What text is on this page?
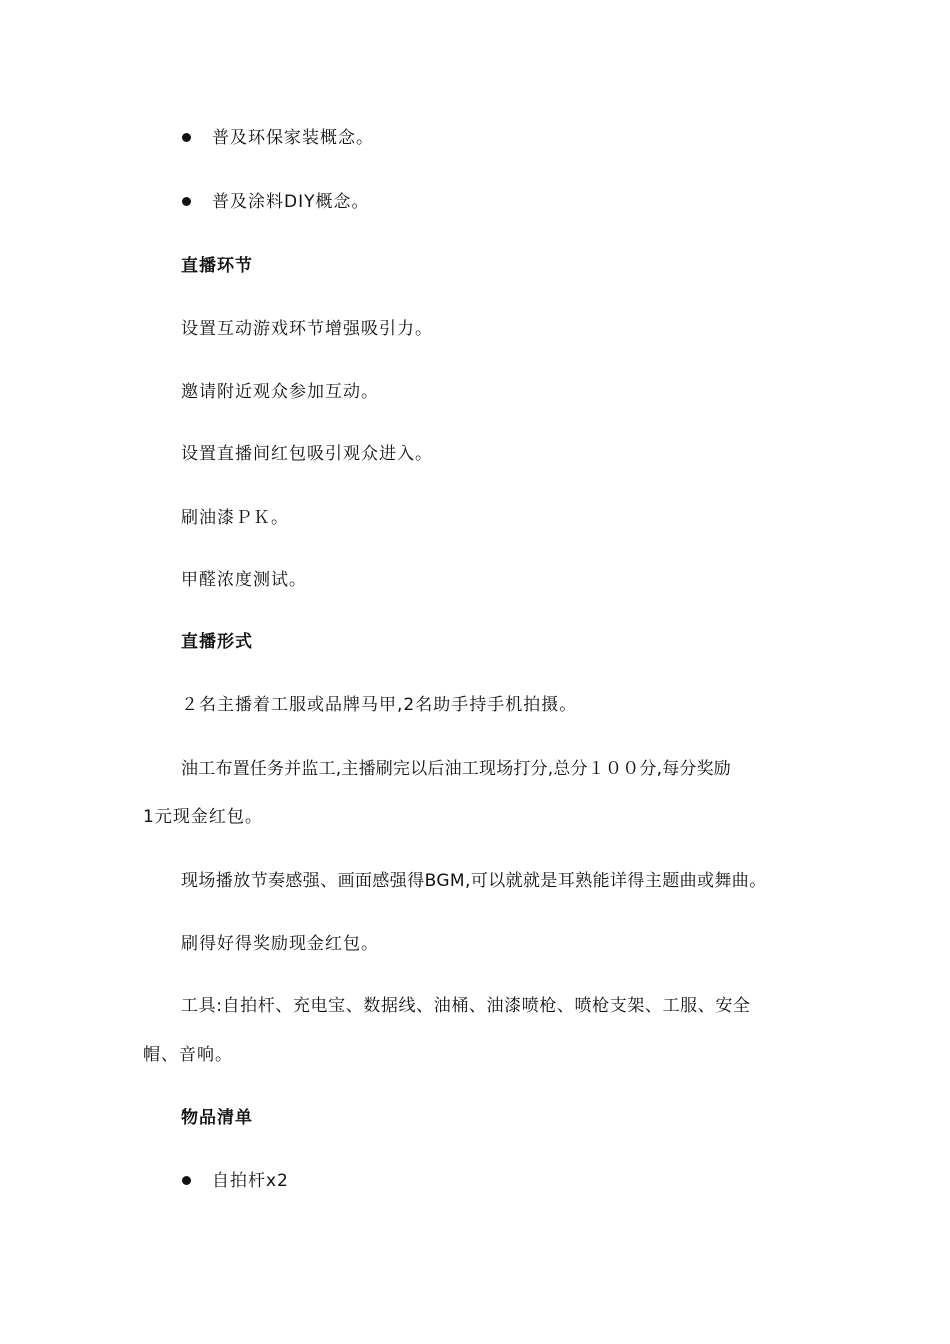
普及环保家装概念。
普及涂料DIY概念。
直播环节
设置互动游戏环节增强吸引力。
邀请附近观众参加互动。
设置直播间红包吸引观众进入。
刷油漆ＰＫ。
甲醛浓度测试。
直播形式
２名主播着工服或品牌马甲,2名助手持手机拍摄。
油工布置任务并监工,主播刷完以后油工现场打分,总分１００分,每分奖励
1元现金红包。
现场播放节奏感强、画面感强得BGM,可以就就是耳熟能详得主题曲或舞曲。
刷得好得奖励现金红包。
工具:自拍杆、充电宝、数据线、油桶、油漆喷枪、喷枪支架、工服、安全
帽、音响。
物品清单
自拍杆x2
